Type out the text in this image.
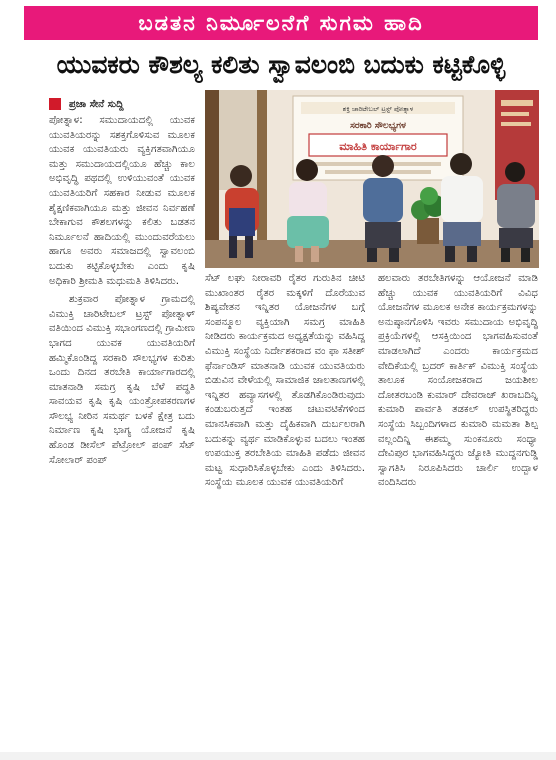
ಬಡತನ ನಿರ್ಮೂಲನೆಗೆ ಸುಗಮ ಹಾದಿ
ಯುವಕರು ಕೌಶಲ್ಯ ಕಲಿತು ಸ್ವಾವಲಂಬಿ ಬದುಕು ಕಟ್ಟಿಕೊಳ್ಳಿ
ಪ್ರಜಾ ಸೇನೆ ಸುದ್ದಿ	ಶಕ್ತಿ ಚಾರಿಟೇಬಲ್ ಟ್ರಸ್ಟ್ ಪೋತ್ನಾಳ
ಸರಕಾರಿ ಸೌಲಭ್ಯಗಳ
ಮಾಹಿತಿ ಕಾರ್ಯಾಗಾರ

ಪೋತ್ನಾಳ: ಸಮುದಾಯದಲ್ಲಿ ಯುವಕ ಯುವತಿಯರನ್ನು ಸಶಕ್ತಗೊಳಿಸುವ ಮೂಲಕ ಯುವಕ ಯುವತಿಯರು ವ್ಯಕ್ತಿಗತವಾಗಿಯೂ ಮತ್ತು ಸಮುದಾಯದಲ್ಲಿಯೂ ಹೆಚ್ಚು ಕಾಲ ಅಭಿವೃದ್ಧಿ ಪಥದಲ್ಲಿ ಉಳಿಯುವಂತೆ ಯುವಕ ಯುವತಿಯರಿಗೆ ಸಹಕಾರ ನೀಡುವ ಮೂಲಕ ಶೈಕ್ಷಣಿಕವಾಗಿಯೂ ಮತ್ತು ಜೀವನ ನಿರ್ವಹಣೆ ಬೇಕಾಗುವ ಕೌಶಲಗಳನ್ನು ಕಲಿತು ಬಡತನ ನಿರ್ಮೂಲನೆ ಹಾದಿಯಲ್ಲಿ ಮುಂದುವರೆಯಲು ಹಾಗೂ ಅವರು ಸಮಾಜದಲ್ಲಿ ಸ್ವಾವಲಂಬಿ ಬದುಕು ಕಟ್ಟಿಕೊಳ್ಳಬೇಕು ಎಂದು ಕೃಷಿ ಅಧಿಕಾರಿ ಶ್ರೀಮತಿ ಮಧುಮತಿ ತಿಳಿಸಿದರು.

ಶುಕ್ರವಾರ ಪೋತ್ನಾಳ ಗ್ರಾಮದಲ್ಲಿ ವಿಮುಕ್ತಿ ಚಾರಿಟೇಬಲ್ ಟ್ರಸ್ಟ್ ಪೋತ್ನಾಳ್ ವತಿಯಿಂದ ವಿಮುಕ್ತಿ ಸಭಾಂಗಣದಲ್ಲಿ ಗ್ರಾಮೀಣ ಭಾಗದ ಯುವಕ ಯುವತಿಯರಿಗೆ ಹಮ್ಮಿಕೊಂಡಿದ್ದ ಸರಕಾರಿ ಸೌಲಭ್ಯಗಳ ಕುರಿತು ಒಂದು ದಿನದ ತರಬೇತಿ ಕಾರ್ಯಾಗಾರದಲ್ಲಿ ಮಾತನಾಡಿ ಸಮಗ್ರ ಕೃಷಿ ಬೆಳೆ ಪದ್ಧತಿ ಸಾವಯವ ಕೃಷಿ ಕೃಷಿ ಯಂತ್ರೋಪಕರಣಗಳ ಸೌಲಭ್ಯ ನೀರಿನ ಸಮರ್ಥ ಬಳಕೆ ಕ್ಷೇತ್ರ ಬದು ನಿರ್ಮಾಣ ಕೃಷಿ ಭಾಗ್ಯ ಯೋಜನೆ ಕೃಷಿ ಹೊಂಡ ಡೀಸೆಲ್ ಪೆಟ್ರೋಲ್ ಪಂಪ್ ಸೆಟ್ ಸೋಲಾರ್ ಪಂಪ್

ಸೆಟ್ ಲಘು ನೀರಾವರಿ ರೈತರ ಗುರುತಿನ ಚೀಟಿ ಮುಖಾಂತರ ರೈತರ ಮಕ್ಕಳಿಗೆ ದೊರೆಯುವ ಶಿಷ್ಯವೇತನ ಇನ್ನಿತರ ಯೋಜನೆಗಳ ಬಗ್ಗೆ ಸಂಪನ್ಮೂಲ ವ್ಯಕ್ತಿಯಾಗಿ ಸಮಗ್ರ ಮಾಹಿತಿ ನೀಡಿದರು ಕಾರ್ಯಕ್ರಮದ ಅಧ್ಯಕ್ಷತೆಯನ್ನು ವಹಿಸಿದ್ದ ವಿಮುಕ್ತಿ ಸಂಸ್ಥೆಯ ನಿರ್ದೇಶಕರಾದ ವಂ ಫಾ ಸತೀಶ್ ಫೆರ್ನಾಂಡಿಸ್ ಮಾತನಾಡಿ ಯುವಕ ಯುವತಿಯರು ಬಿಡುವಿನ ವೇಳೆಯಲ್ಲಿ ಸಾಮಾಜಿಕ ಜಾಲತಾಣಗಳಲ್ಲಿ ಇನ್ನಿತರ ಹವ್ಯಾಸಗಳಲ್ಲಿ ತೊಡಗಿಕೊಂಡಿರುವುದು ಕಂಡುಬರುತ್ತದೆ ಇಂತಹ ಚಟುವಟಿಕೆಗಳಿಂದ ಮಾನಸಿಕವಾಗಿ ಮತ್ತು ದೈಹಿಕವಾಗಿ ದುರ್ಬಲರಾಗಿ ಬದುಕನ್ನು ವ್ಯರ್ಥ ಮಾಡಿಕೊಳ್ಳುವ ಬದಲು ಇಂತಹ ಉಪಯುಕ್ತ ತರಬೇತಿಯ ಮಾಹಿತಿ ಪಡೆದು ಜೀವನ ಮಟ್ಟ ಸುಧಾರಿಸಿಕೊಳ್ಳಬೇಕು ಎಂದು ತಿಳಿಸಿದರು. ಸಂಸ್ಥೆಯ ಮೂಲಕ ಯುವಕ ಯುವತಿಯರಿಗೆ

ಹಲವಾರು ತರಬೇತಿಗಳನ್ನು ಆಯೋಜನೆ ಮಾಡಿ ಹೆಚ್ಚು ಯುವಕ ಯುವತಿಯರಿಗೆ ವಿವಿಧ ಯೋಜನೆಗಳ ಮೂಲಕ ಅನೇಕ ಕಾರ್ಯಕ್ರಮಗಳನ್ನು ಅನುಷ್ಠಾನಗೊಳಿಸಿ ಇವರು ಸಮುದಾಯ ಅಭಿವೃದ್ಧಿ ಪ್ರಕ್ರಿಯೆಗಳಲ್ಲಿ ಆಸಕ್ತಿಯಿಂದ ಭಾಗವಹಿಸುವಂತೆ ಮಾಡಲಾಗಿದೆ ಎಂದರು ಕಾರ್ಯಕ್ರಮದ ವೇದಿಕೆಯಲ್ಲಿ ಬ್ರದರ್ ಕಾರ್ತಿಕ್ ವಿಮುಕ್ತಿ ಸಂಸ್ಥೆಯ ತಾಲೂಕ ಸಂಯೋಜಕರಾದ ಜಯಶೀಲ ದೋತರಬಂಡಿ ಕುಮಾರ್ ದೇವರಾಜ್ ಖರಾಬದಿನ್ನಿ ಕುಮಾರಿ ಪಾರ್ವತಿ ತಡಕಲ್ ಉಪಸ್ಥಿತರಿದ್ದರು ಸಂಸ್ಥೆಯ ಸಿಬ್ಬಂದಿಗಳಾದ ಕುಮಾರಿ ಮಮತಾ ಶಿಲ್ಪ ವಲ್ಲಂದಿನ್ನಿ ಈಶಮ್ಮ ಸುಂಕನೂರು ಸಂಧ್ಯಾ ದೇವಿಪುರ ಭಾಗವಹಿಸಿದ್ದರು ಜ್ಯೋತಿ ಮುದ್ದನಗುಡ್ಡಿ ಸ್ವಾಗತಿಸಿ ನಿರೂಪಿಸಿದರು ಚಾರ್ಲಿ ಉದ್ಬಾಳ ವಂದಿಸಿದರು
